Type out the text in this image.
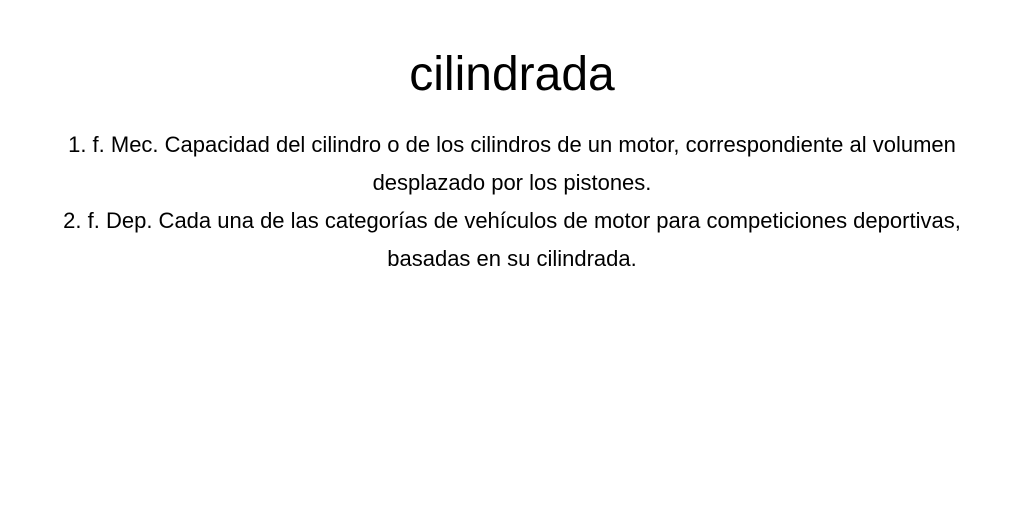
cilindrada
1. f. Mec. Capacidad del cilindro o de los cilindros de un motor, correspondiente al volumen desplazado por los pistones.
2. f. Dep. Cada una de las categorías de vehículos de motor para competiciones deportivas, basadas en su cilindrada.
